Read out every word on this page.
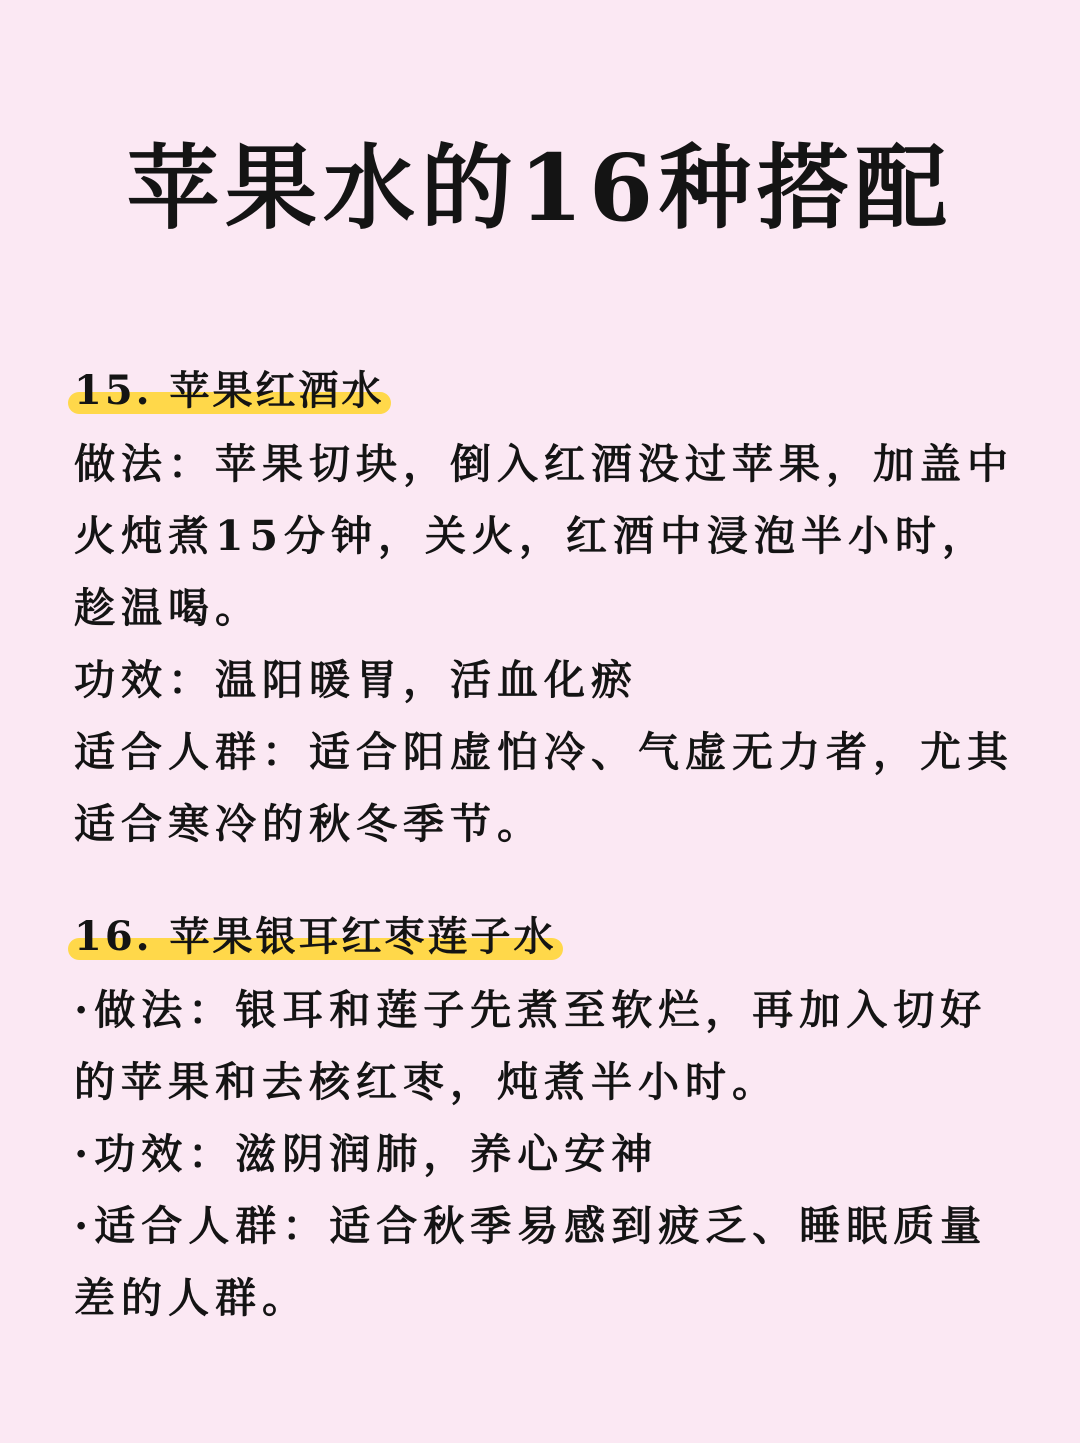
苹果水的16种搭配
15. 苹果红酒水

做法：苹果切块，倒入红酒没过苹果，加盖中火炖煮15分钟，关火，红酒中浸泡半小时，趁温喝。

功效：温阳暖胃，活血化瘀

适合人群：适合阳虚怕冷、气虚无力者，尤其适合寒冷的秋冬季节。

16. 苹果银耳红枣莲子水

·做法：银耳和莲子先煮至软烂，再加入切好的苹果和去核红枣，炖煮半小时。

·功效：滋阴润肺，养心安神

·适合人群：适合秋季易感到疲乏、睡眠质量差的人群。
